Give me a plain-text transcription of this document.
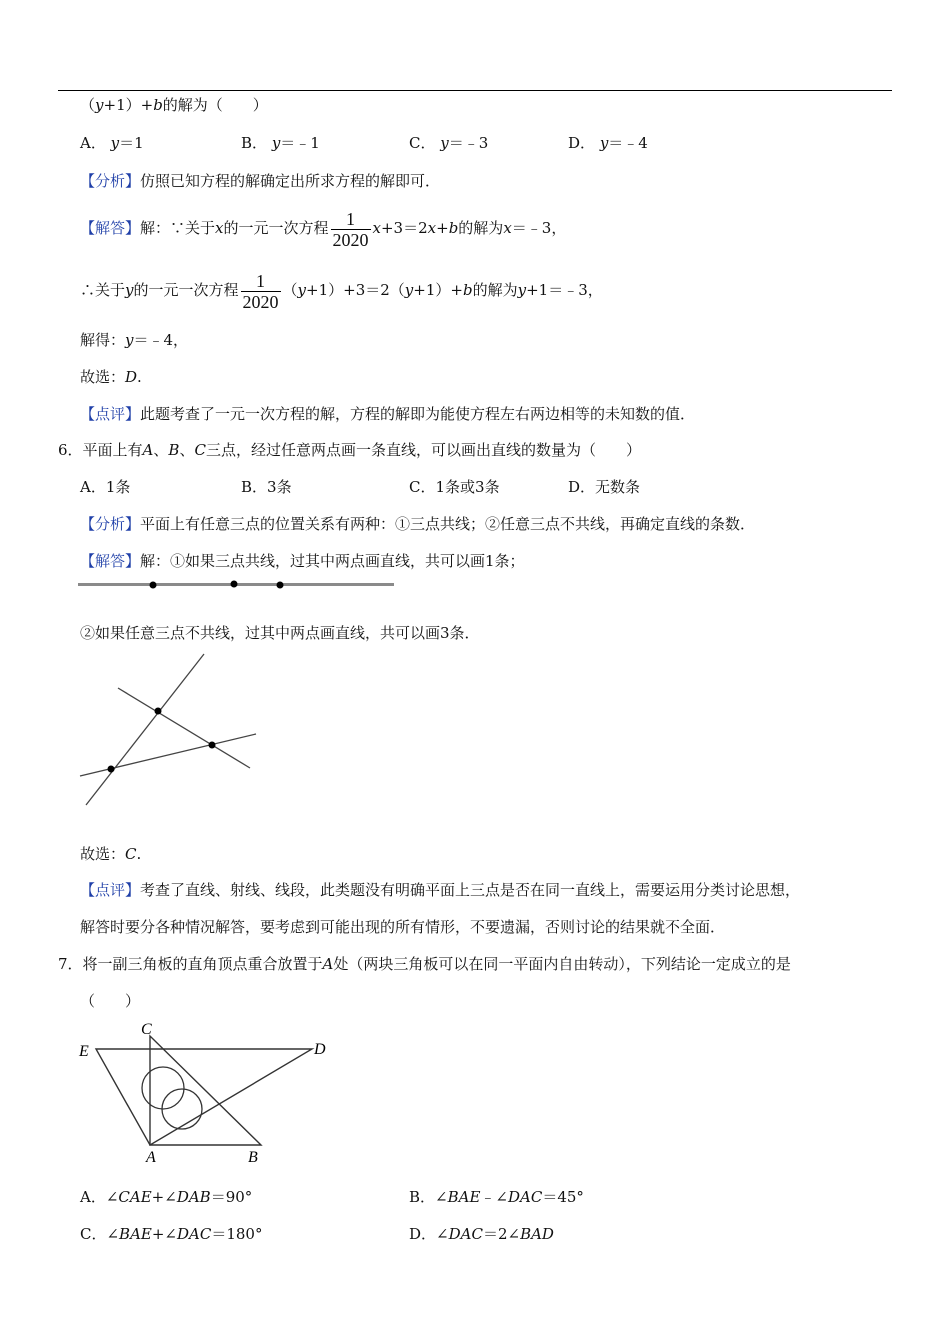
（y+1）+b的解为（　　）
A． y＝1	B． y＝﹣1	C． y＝﹣3	D． y＝﹣4
【分析】仿照已知方程的解确定出所求方程的解即可．
【解答】解：∵关于x的一元一次方程 $\frac{1}{2020} x+3=2x+b$的解为x＝﹣3，
∴关于y的一元一次方程 $\frac{1}{2020} (y+1)+3=2(y+1)+b$的解为y+1＝﹣3，
解得：y＝﹣4，
故选：D.
【点评】此题考查了一元一次方程的解，方程的解即为能使方程左右两边相等的未知数的值．
6．平面上有A、B、C三点，经过任意两点画一条直线，可以画出直线的数量为（　　）
A．1条	B．3条	C．1条或3条	D．无数条
【分析】平面上有任意三点的位置关系有两种：①三点共线；②任意三点不共线，再确定直线的条数．
【解答】解：①如果三点共线，过其中两点画直线，共可以画1条；
②如果任意三点不共线，过其中两点画直线，共可以画3条．
故选：C.
【点评】考查了直线、射线、线段，此类题没有明确平面上三点是否在同一直线上，需要运用分类讨论思想，
解答时要分各种情况解答，要考虑到可能出现的所有情形，不要遗漏，否则讨论的结果就不全面．
7．将一副三角板的直角顶点重合放置于A处（两块三角板可以在同一平面内自由转动），下列结论一定成立的是
（　　）
C
E	D
A	B
A．∠CAE+∠DAB＝90°	B．∠BAE﹣∠DAC＝45°
C．∠BAE+∠DAC＝180°	D．∠DAC＝2∠BAD
